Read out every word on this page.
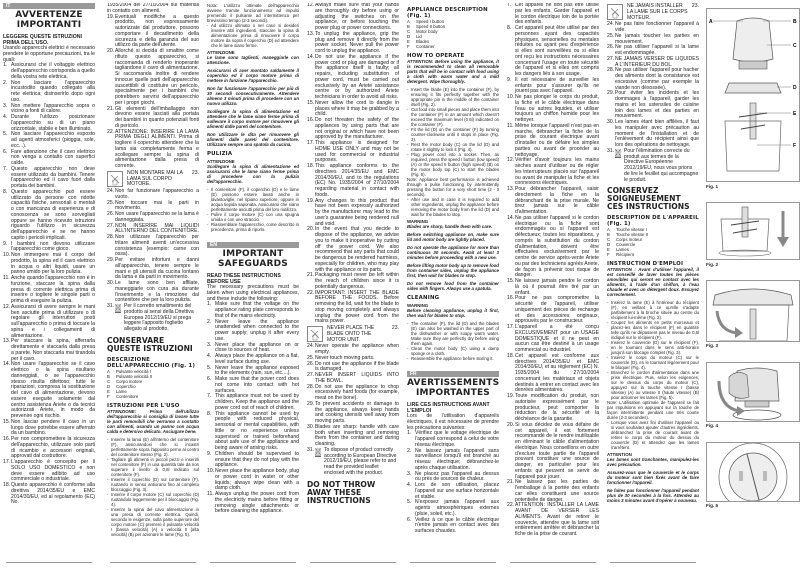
IT
AVVERTENZE IMPORTANTI
LEGGERE QUESTE ISTRUZIONI PRIMA DELL'USO.
Usando apparecchi elettrici è necessario prendere le opportune precauzioni, tra le quali:
1. Assicurarsi che il voltaggio elettrico dell'apparecchio corrisponda a quello della vostra rete elettrica.
2. Non lasciare l'apparecchio incustodito quando collegato alla rete elettrica; disinserirlo dopo ogni uso.
3. Non mettere l'apparecchio sopra o vicino a fonti di calore.
4. Durante l'utilizzo posizionare l'apparecchio su di un piano orizzontale, stabile e ben illuminato.
5. Non lasciare l'apparecchio esposto ad agenti atmosferici (pioggia, sole, ecc...).
6. Fare attenzione che il cavo elettrico non venga a contatto con superfici calde.
7. Questo apparecchio non deve essere utilizzato da bambini. Tenere l'apparecchio ed il cavo fuori dalla portata dei bambini.
8. Questo apparecchio può essere utilizzato da persone con ridotte capacità fisiche, sensoriali o mentali o con mancanza di esperienza e di conoscenza se sono sorvegliati oppure se hanno ricevuto istruzioni riguardo l'utilizzo in sicurezza dell'apparecchio e se ne hanno capito i pericoli implicati.
9. I bambini non devono utilizzare l'apparecchio come gioco.
10. Non immergere mai il corpo del prodotto, la spina ed il cavo elettrico in acqua o altri liquidi, usare un panno umido per la loro pulizia.
11. Anche quando l'apparecchio non è in funzione, staccare la spina dalla presa di corrente elettrica prima di inserire o togliere le singole parti o prima di eseguire la pulizia.
12. Assicurarsi di avere sempre le mani ben asciutte prima di utilizzare o di regolare gli interruttori posti sull'apparecchio o prima di toccare la spina e i collegamenti di alimentazione.
13. Per staccare la spina, afferrarla direttamente e staccarla dalla presa a parete. Non staccarla mai tirandola per il cavo.
14. Non usare l'apparecchio se il cavo elettrico o la spina risultano danneggiati, o se l'apparecchio stesso risulta difettoso; tutte le riparazioni, compresa la sostituzione del cavo di alimentazione, devono essere eseguite solamente dal centro assistenza Ariete o da tecnici autorizzati Ariete, in modo da prevenire ogni rischio.
15. Non lasciar pendere il cavo in un luogo dove potrebbe essere afferrato da un bambino.
16. Per non compromettere la sicurezza dell'apparecchio, utilizzare solo parti di ricambio e accessori originali, approvati dal costruttore.
17. L'apparecchio è concepito per il SOLO USO DOMESTICO e non deve essere adibito ad uso commerciale o industriale.
18. Questo apparecchio è conforme alla direttiva 2014/35/EU e EMC 2014/30/EU, ed al regolamento (EC) No.
1935/2004 del 27/10/2004 sui materiali in contatto con alimenti.
19. Eventuali modifiche a questo prodotto, non espressamente autorizzate dal produttore, possono comportare il decadimento della sicurezza e della garanzia del suo utilizzo da parte dell'utente.
20. Allorché si decida di smaltire come rifiuto questo apparecchio, si raccomanda di renderlo inoperante tagliandone il cavo di alimentazione. Si raccomanda inoltre di rendere innocue quelle parti dell'apparecchio suscettibili di costituire un pericolo, specialmente per i bambini che potrebbero servirsi dell'apparecchio per i propri giochi.
21. Gli elementi dell'imballaggio non devono essere lasciati alla portata dei bambini in quanto potenziali fonti di pericolo.
22. ATTENZIONE: INSERIRE LA LAMA PRIMA DEGLI ALIMENTI. Prima di togliere il coperchio attendere che la lama sia completamente ferma e scollegare sempre la spina di alimentazione dalla presa di corrente.
NON MONTARE MAI LA LAMA SUL CORPO MOTORE.
23.
24. Non far funzionare l'apparecchio a vuoto.
25. Non toccare mai le parti in movimento.
26. Non usare l'apparecchio se la lama è danneggiata.
27. NON INSERIRE MAI LIQUIDI ALL'INTERNO DEL CONTENITORE.
28. Non utilizzare l'apparecchio per tritare alimenti aventi un'eccessiva consistenza (esempio: carne con ossa).
29. Per evitare infortuni e danni all'apparecchio, tenere sempre le mani e gli utensili da cucina lontano da lama e da parti in movimento.
30. Le lame sono ben affilate, maneggiarle con cura sia durante l'inserimento e la rimozione dal contenitore che per la loro pulizia.
31. Per il corretto smaltimento del prodotto ai sensi della Direttiva Europea 2012/19/EU si prega leggere l'apposito foglietto allegato al prodotto.
CONSERVARE QUESTE ISTRUZIONI
DESCRIZIONE DELL'APPARECCHIO (Fig. 1)
A	Pulsante velocità I
B	Pulsante velocità II
C	Corpo motore
D	Coperchio
E	Lame
F	Contenitore
ISTRUZIONI PER L'USO
ATTENZIONE: Prima dell'utilizzo dell'apparecchio si consiglia di lavare tutte le parti removibili che verranno a contatto con alimenti, usando un panno con acqua calda e detersivo delicato. Asciugare bene.
- Inserire la lama (E) all'interno del contenitore (F), assicurandosi che si incastri perfettamente sopra l'apposito perno al centro del contenitore stesso (Fig. 2).
- Tagliare gli alimenti in piccoli pezzi e inserirli nel contenitore (F) in una quantità tale da non superare il livello di 0,6l indicato sul contenitore (F).
- Inserire il coperchio (D) sul contenitore (F), ruotando in senso antiorario fino al completo bloccaggio (Fig. 3).
- Inserire il corpo motore (C) sul coperchio (D) ruotandolo leggermente per il bloccaggio (Fig. 4).
- Inserire la spina del cavo alimentazione in una presa di corrente elettrica. Quindi, secondo le esigenze, sulla parte superiore del corpo motore (C) premere il pulsante velocità I (bassa velocità) (A) o velocità II (alta velocità) (B) per azionare le lame (Fig. 5).
Nota: L'utilizzo ottimale dell'apparecchio avviene tramite funzionamento ad impulsi premendo il pulsante ad intermittenza per brevissimo tempo (2-3 secondi).
- Ad utilizzo ultimato o nel caso si desideri inserire altri ingredienti, staccare la spina di alimentazione prima di rimuovere il corpo motore da sopra il coperchio (D) ed attendere che le lame siano ferme.
ATTENZIONE
Le lame sono taglienti, maneggiarle con attenzione.
Assicurarsi di aver montato saldamente il coperchio ed il corpo motore prima di mettere in funzione l'apparecchio.
Non far funzionare l'apparecchio per più di 30 secondi consecutivamente. Attendere almeno 3 minuti prima di procedere con un nuovo utilizzo.
Scollegare la spina di alimentazione ed attendere che le lame siano ferme prima di sollevare il corpo motore per rimuovere gli alimenti dalle pareti del contenitore.
Non utilizzare le dita per rimuovere gli alimenti dalle pareti del contenitore. Utilizzare sempre una spatola da cucina.
PULIZIA
ATTENZIONE
Scollegare la spina di alimentazione ed assicurarsi che le lame siano ferme prima di procedere con la pulizia dell'apparecchio.
- Il contenitore (F), il coperchio (D) e le lame (E) possono essere lavati anche in lavastoviglie, nel ripiano superiore, oppure in acqua tiepida saponata. Assicurarsi che siano perfettamente asciutti prima del loro riutilizzo.
- Pulire il corpo motore (C) con una spugna umida o con uno straccio.
- Riassemblare l'apparecchio, come descritto in precedenza, prima di riporlo.
EN
IMPORTANT SAFEGUARDS
READ THESE INSTRUCTIONS BEFORE USE
The necessary precautions must be taken when using electrical appliances, and these include the following:
1. Make sure that the voltage on the appliance rating plate corresponds to that of the mains electricity.
2. Never leave the appliance unattended when connected to the power supply; unplug it after every use.
3. Never place the appliance on or close to sources of heat.
4. Always place the appliance on a flat, level surface during use.
5. Never leave the appliance exposed to the elements (rain, sun, etc....).
6. Make sure that the power cord does not come into contact with hot surfaces.
7. This appliance must not be used by children. Keep the appliance and the power cord out of reach of children.
8. This appliance cannot be used by people with reduced physical, sensorial or mental capabilities, with little or no experience unless supervised or trained beforehand about safe use of the appliance and being aware of arising risks.
9. Children should be supervised to ensure that they do not play with the appliance.
10. Never place the appliance body, plug or power cord in water or other liquids; always wipe clean with a damp cloth.
11. Always unplug the power cord from the electricity mains before fitting or removing single attachments or before cleaning the appliance.
12. Always make sure that your hands are thoroughly dry before using or adjusting the switches on the appliance, or before touching the power plug or power connections.
13. To unplug the appliance, grip the plug and remove it directly from the power socket. Never pull the power cord to unplug the appliance.
14. Do not use the appliance if the power cord or plug are damaged or if the appliance itself is faulty; all repairs, including substitution of power cord, must be carried out exclusively by an Ariete assistance centre or by authorized Ariete technicians in order to avoid all risks.
15. Never allow the cord to dangle in places where it may be grabbed by a child.
16. Do not threaten the safety of the appliances by using parts that are not original or which have not been approved by the manufacturer.
17. This appliance is designed for HOME USE ONLY and may not be used for commercial or industrial purposes.
18. This appliance conforms to the directives 2014/35/EU and EMC 2014/30/EU, and to the regulations (EC) No. 1935/2004 of 27/10/2004 regarding material in contact with foods.
19. Any changes to this product that have not been expressly authorized by the manufacturer may lead to the user's guarantee being rendered null and void.
20. In the event that you decide to dispose of the appliance, we advise you to make it inoperative by cutting off the power cord. We also recommend that any parts that could be dangerous be rendered harmless, especially for children, who may play with the appliance or its parts.
21. Packaging must never be left within the reach of children since it is potentially dangerous.
22. IMPORTANT: INSERT THE BLADE BEFORE THE FOODS. Before removing the lid, wait for the blade to stop moving completely and always unplug the power cord from the mains power.
NEVER PLACE THE BLADE ONTO THE MOTOR UNIT.
23.
24. Never operate the appliance when empty.
25. Never touch moving parts.
26. Do not use the appliance if the blade is damaged.
27. NEVER INSERT LIQUIDS INTO THE BOWL.
28. Do not use the appliance to chop excessively hard foods (for example, meat on the bone).
29. To prevent accidents or damage to the appliance, always keep hands and cooking utensils well away from moving parts.
30. Blades are sharp: handle with care both when inserting and removing them from the container and during cleaning.
31. To dispose of product correctly according to European Directive 2012/19/EU, please refer to and read the provided leaflet enclosed with the product.
DO NOT THROW AWAY THESE INSTRUCTIONS
APPLIANCE DESCRIPTION (Fig. 1)
A	Speed I button
B	Speed II button
C	Motor body
D	Lid
E	Blades
F	Container
HOW TO OPERATE
ATTENTION: Before using the appliance, it is recommended to clean all removable parts that will be in contact with food using a cloth with warm water and a mild detergent. Wipe thoroughly.
- Insert the blade (E) into the container (F), by ensuring it fits perfectly together with the appropriate pin in the middle of the container itself (Fig. 2).
- Cut food into small pieces and place them into the container (F) in an amount which doesn't exceed the maximum level (0.6l) indicated on the container (F).
- Fit the lid (D) on the container (F) by turning counter-clockwise until it stops in place (Fig. 3).
- Rest the motor body (C) on the lid (D) and rotate it slightly to lock it (Fig. 4).
- Plug power cord into a socket. Then, as required, press the speed I button (low speed) (A) or the speed II button (high speed) (B) on the motor body top (C) to start the blades (Fig. 5).
Note: Appliance best performance is achieved through a pulse functioning by intermittently pressing the button for a very short time (2 - 3 seconds).
- After use and in case it is required to add other ingredients, unplug the appliance before removing the motor body from the lid (D) and wait for the blades to stop.
WARNING
Blades are sharp, handle them with care.
Before switching appliance on, make sure lid and motor body are tightly placed.
Do not operate the appliance for more than continuous 30 seconds. Await at least 3 minutes before proceeding with a new use.
Before lifting motor body up to remove food from container sides, unplug the appliance first, then wait for blades to stop.
Do not remove food from the container sides with fingers. Always use a spatula.
CLEANING
WARNING
Before cleaning appliance, unplug it first, then wait for blades to stop.
- The container (F), the lid (D) and the blades (E) can also be washed in the upper part of the dishwasher or with soapy warm water. Make sure they are perfectly dry before using them again.
- Clean the motor body (C) using a damp sponge or a cloth.
- Reassemble the appliance before storing it.
FR
AVERTISSEMENTS IMPORTANTES
LIRE CES INSTRUCTIONS AVANT L'EMPLOI
Lors de l'utilisation d'appareils électriques, il est nécessaire de prendre les précautions suivantes:
1. Vérifiez que le voltage électrique de l'appareil correspond à celui de votre réseau électrique.
2. Ne laissez jamais l'appareil sans surveillance lorsqu'il est branché au réseau électrique; débranchez-le après chaque utilisation.
3. Ne placez pas l'appareil au dessus ou près de sources de chaleur.
4. Lors de son utilisation, placez l'appareil sur une surface horizontale et stable.
5. N'exposez jamais l'appareil aux agents atmosphériques externes (pluie, soleil, etc.).
6. Veillez à ce que le câble électrique n'entre jamais en contact avec des surfaces chaudes.
7. Cet appareil ne doit pas être utilisé par les enfants. Garder l'appareil et le cordon électrique loin de la portée des enfants.
8. Cet appareil peut être utilisé par des personnes ayant des capacités physiques, sensorielles ou mentales réduites ou ayant peu d'expérience si elles sont surveillées ou si elles ont reçu les instructions nécessaires concernant l'usage en toute sécurité de l'appareil et si elles ont compris les dangers liés à son usage.
9. Il est nécessaire de surveiller les enfants pour s'assurer qu'ils ne jouent pas avec l'appareil.
10. Ne pas plonger le corps du produit, la fiche et le câble électrique dans l'eau ou autres liquides, et utiliser toujours un chiffon humide pour les nettoyer.
11. Même lorsque l'appareil n'est pas en marche, débrancher la fiche de la prise de courant électrique avant d'installer ou de défaire les simples parties ou avant de procéder au nettoyage.
12. Vérifier d'avoir toujours les mains sèches avant d'utiliser ou de régler les interrupteurs placés sur l'appareil ou avant de manipuler la fiche et les connexions électriques.
13. Pour débrancher l'appareil, saisir directement la fiche en la débranchant de la prise murale. Ne tirez jamais sur le câble d'alimentation.
14. Ne pas utiliser l'appareil si le cordon électrique ou la fiche sont endommagés ou si l'appareil est défectueux; toutes les réparations, y compris la substitution du cordon d'alimentation, doivent être effectuées exclusivement par le centre de service après-vente Ariete ou par des techniciens agréés Ariete, de façon à prévenir tout risque de danger.
15. Ne laissez jamais pendre le cordon là où il pourrait être tiré par un enfant.
16. Pour ne pas compromettre la sécurité de l'appareil, utiliser uniquement des pièces de rechange et des accessoires originaux, approuvés par le constructeur.
17. L'appareil a été conçu EXCLUSIVEMENT pour un USAGE DOMESTIQUE et il ne peut en aucun cas être destiné à un usage commercial ou industriel.
18. Cet appareil est conforme aux directives 2014/35/EU et EMC 2014/30/EU, et au règlement (EC) N. 1935/2004 du 27/10/2004 concernant les matériaux et objets destinés à entrer en contact avec les denrées alimentaires.
19. Toute modification du produit, non autorisée expressément par le producteur, peut comporter la réduction de la sécurité et la déchéance de la garantie.
20. Si vous décidez de vous défaire de cet appareil, il est fortement recommandé de le rendre inutilisable en éliminant le câble d'alimentation électrique. Nous conseillons en outre d'exclure toute partie de l'appareil pouvant constituer une source de danger, en particulier pour les enfants qui peuvent se servir de l'appareil pour jouer.
21. Ne laissez pas les parties de l'emballage à la portée des enfants car elles constituent une source potentielle de danger.
22. ATTENTION: INSTALLER LA LAME AVANT DE VERSER LES ALIMENTS. Avant de retirer le couvercle, attendre que la lame soit entièrement arrêtée et débrancher la fiche de la prise de courant.
NE JAMAIS INSTALLER LA LAME SUR LE CORPS MOTEUR.
23.
24. Ne pas faire fonctionner l'appareil à vide.
25. Ne jamais toucher les parties en mouvement.
26. Ne pas utiliser l'appareil si la lame est endommagée.
27. NE JAMAIS VERSER DE LIQUIDES A L'INTERIEUR DU BOL.
28. Ne pas utiliser l'appareil pour hacher des aliments dont la consistance est excessive (comme par exemple la viande non désossée).
29. Pour éviter les incidents et les dommages à l'appareil, garder les mains et les ustensiles de cuisine loin des lames et des parties en mouvement.
30. Les lames étant bien affilées, il faut les manipuler avec précaution au moment de l'installation et de l'enlèvement du récipient ainsi que lors des opérations de nettoyage.
31. Pour l'élimination correcte du produit aux termes de la Directive Européenne 2012/19/EU, nous vous prions de lire le feuillet qui accompagne le produit.
CONSERVEZ SOIGNEUSEMENT CES INSTRUCTIONS
DESCRIPTION DE L'APPAREIL (Fig. 1)
A	Touche vitesse I
B	Touche vitesse II
C	Corps moteur
D	Couvercle
E	Lames
F	Récipient
INSTRUCTION D'EMPLOI
ATTENTION : Avant d'utiliser l'appareil, il est conseillé de laver toutes les pièces amovibles qui seront en contact avec les aliments, à l'aide d'un chiffon, à l'eau chaude et avec un détergent doux. Essuyez correctement.
- Insérez la lame (E) à l'intérieur du récipient (F), en veillant à ce qu'elle s'adapte parfaitement à la broche située au centre du récipient lui-même (Fig. 2).
- Coupez les aliments en petits morceaux et placez-les dans le récipient (F) en quantité telle qu'ils ne dépassent pas le niveau de 0,6l indiqué sur le récipient (F).
- Insérez le couvercle (D) sur le récipient (F), en le tournant dans le sens anti-horaire jusqu'à son blocage complet (Fig. 3).
- Insérez le corps du moteur (C) sur le couvercle (D), en le tournant légèrement pour le bloquer (Fig. 4).
- Branchez le cordon d'alimentation dans une prise électrique. Puis, selon les exigences, sur le dessus du corps du moteur (C), appuyez sur la touche vitesse I (basse vitesse) (A) ou vitesse II (haute vitesse) (B) pour actionner les lames (Fig. 5).
Note: L'utilisation optimale de l'appareil se fait par impulsions en appuyant sur la touche de façon intermittente pendant une très courte durée (2-3 secondes).
- Lorsque vous avez fini d'utiliser l'appareil ou si vous souhaitez ajouter d'autres ingrédients, débranchez la prise de courant avant de retirer le corps du moteur du dessus du couvercle (D) et attendez que les lames s'arrêtent.
ATTENTION
Les lames sont tranchantes, manipulez-les avec précaution.
Assurez-vous que le couvercle et le corps du moteur sont bien fixés avant de faire fonctionner l'appareil.
Ne faites pas fonctionner l'appareil pendant plus de 30 secondes à la fois. Attendez au moins 3 minutes avant d'opérer à nouveau.
A	B
C
D
E
F
Fig. 1
Fig. 2
Fig. 3
Fig. 4
Fig. 5
